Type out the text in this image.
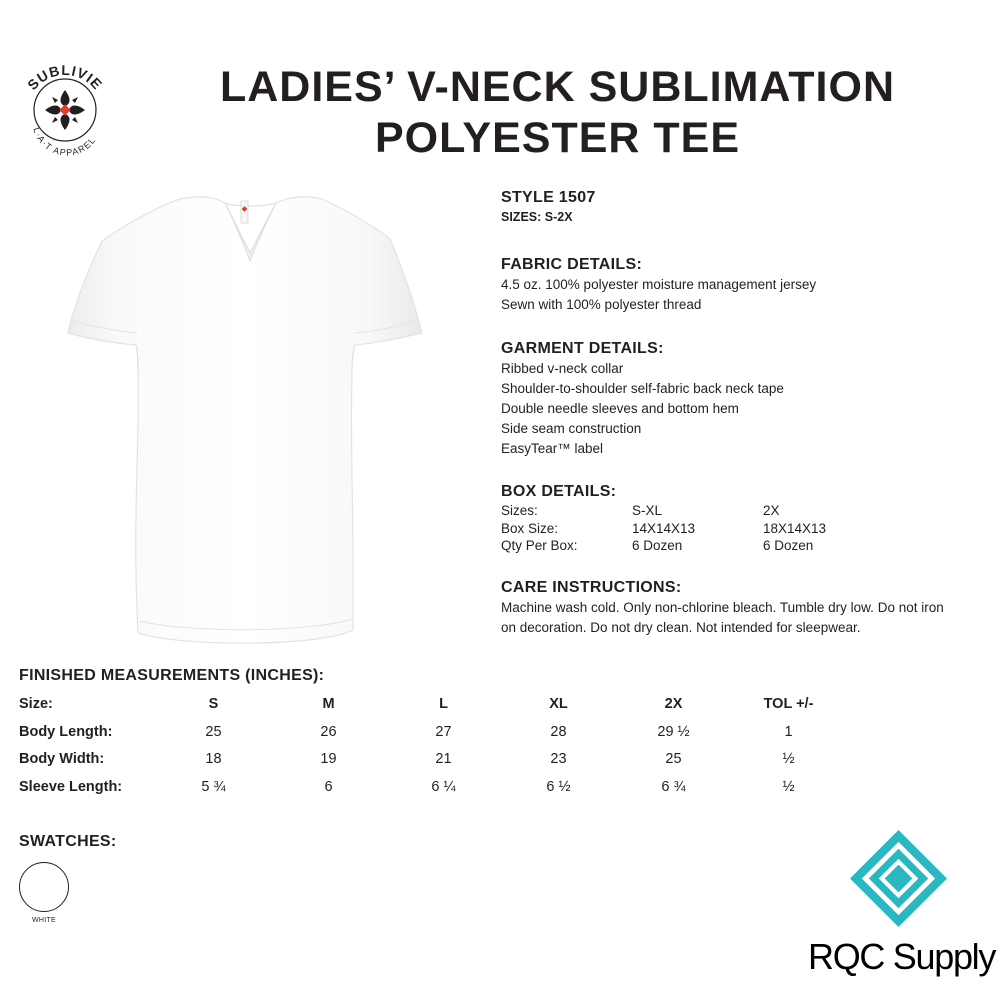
SUBLIVIE
L·A·T APPAREL
LADIES’ V-NECK SUBLIMATION
POLYESTER TEE

STYLE 1507

SIZES: S-2X

FABRIC DETAILS:

4.5 oz. 100% polyester moisture management jersey

Sewn with 100% polyester thread

GARMENT DETAILS:

Ribbed v-neck collar

Shoulder-to-shoulder self-fabric back neck tape

Double needle sleeves and bottom hem

Side seam construction

EasyTear™ label

BOX DETAILS:

Sizes:	S-XL	2X
Box Size:	14X14X13	18X14X13
Qty Per Box:	6 Dozen	6 Dozen

CARE INSTRUCTIONS:

Machine wash cold. Only non-chlorine bleach. Tumble dry low. Do not iron

on decoration. Do not dry clean. Not intended for sleepwear.

FINISHED MEASUREMENTS (INCHES):

Size:	S	M	L	XL	2X	TOL +/-
Body Length:	25	26	27	28	29 ½	1
Body Width:	18	19	21	23	25	½
Sleeve Length:	5 ¾	6	6 ¼	6 ½	6 ¾	½

SWATCHES:

WHITE
RQC Supply
